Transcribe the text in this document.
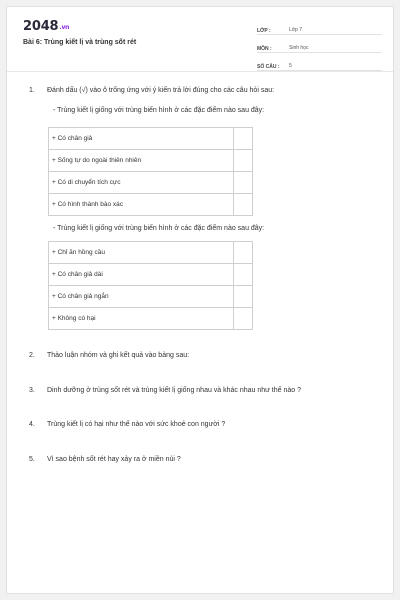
2048.vn
Bài 6: Trùng kiết lị và trùng sốt rét
LỚP :	Lớp 7
MÔN :	Sinh học
SỐ CÂU :	5
1.	Đánh dấu (√) vào ô trống ứng với ý kiến trả lời đúng cho các câu hỏi sau:
- Trùng kiết lị giống với trùng biến hình ở các đặc điểm nào sau đây:
+ Có chân giả
+ Sống tự do ngoài thiên nhiên
+ Có di chuyển tích cực
+ Có hình thành bào xác
- Trùng kiết lị giống với trùng biến hình ở các đặc điểm nào sau đây:
+ Chỉ ăn hồng cầu
+ Có chân giả dài
+ Có chân giả ngắn
+ Không có hại
2.	Thảo luận nhóm và ghi kết quả vào bảng sau:
3.	Dinh dưỡng ở trùng sốt rét và trùng kiết lị giống nhau và khác nhau như thế nào ?
4.	Trùng kiết lị có hại như thế nào với sức khoẻ con người ?
5.	Vì sao bệnh sốt rét hay xảy ra ở miền núi ?
